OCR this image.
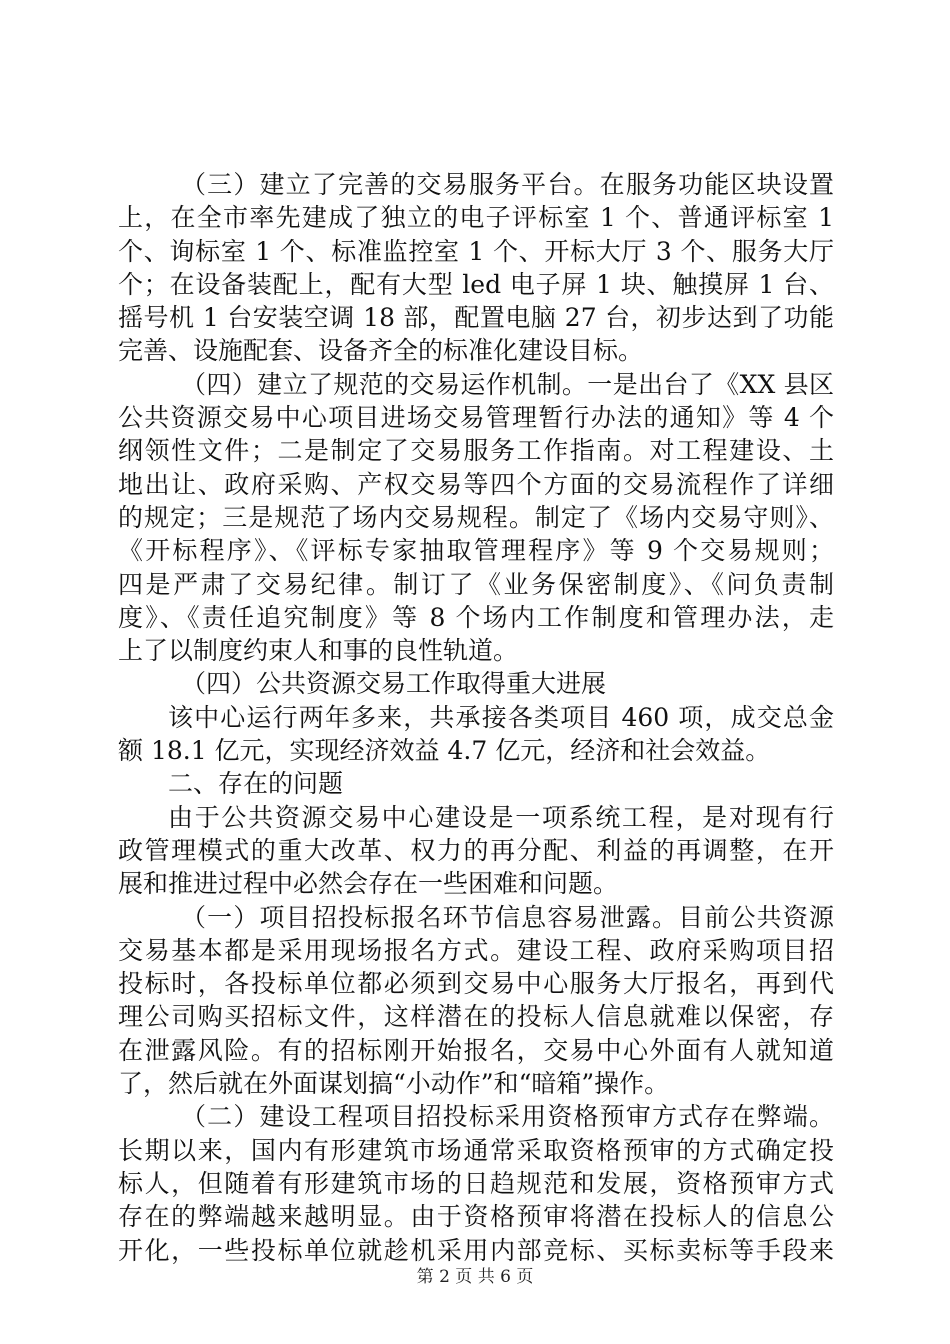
（三）建立了完善的交易服务平台。在服务功能区块设置
上，在全市率先建成了独立的电子评标室 1 个、普通评标室 1
个、询标室 1 个、标准监控室 1 个、开标大厅 3 个、服务大厅
个；在设备装配上，配有大型 led 电子屏 1 块、触摸屏 1 台、
摇号机 1 台安装空调 18 部，配置电脑 27 台，初步达到了功能
完善、设施配套、设备齐全的标准化建设目标。
（四）建立了规范的交易运作机制。一是出台了《XX 县区
公共资源交易中心项目进场交易管理暂行办法的通知》等 4 个
纲领性文件；二是制定了交易服务工作指南。对工程建设、土
地出让、政府采购、产权交易等四个方面的交易流程作了详细
的规定；三是规范了场内交易规程。制定了《场内交易守则》、
《开标程序》、《评标专家抽取管理程序》等 9 个交易规则；
四是严肃了交易纪律。制订了《业务保密制度》、《问负责制
度》、《责任追究制度》等 8 个场内工作制度和管理办法，走
上了以制度约束人和事的良性轨道。
（四）公共资源交易工作取得重大进展
该中心运行两年多来，共承接各类项目 460 项，成交总金
额 18.1 亿元，实现经济效益 4.7 亿元，经济和社会效益。
二、存在的问题
由于公共资源交易中心建设是一项系统工程，是对现有行
政管理模式的重大改革、权力的再分配、利益的再调整，在开
展和推进过程中必然会存在一些困难和问题。
（一）项目招投标报名环节信息容易泄露。目前公共资源
交易基本都是采用现场报名方式。建设工程、政府采购项目招
投标时，各投标单位都必须到交易中心服务大厅报名，再到代
理公司购买招标文件，这样潜在的投标人信息就难以保密，存
在泄露风险。有的招标刚开始报名，交易中心外面有人就知道
了，然后就在外面谋划搞“小动作”和“暗箱”操作。
（二）建设工程项目招投标采用资格预审方式存在弊端。
长期以来，国内有形建筑市场通常采取资格预审的方式确定投
标人，但随着有形建筑市场的日趋规范和发展，资格预审方式
存在的弊端越来越明显。由于资格预审将潜在投标人的信息公
开化，一些投标单位就趁机采用内部竞标、买标卖标等手段来
第 2 页 共 6 页
